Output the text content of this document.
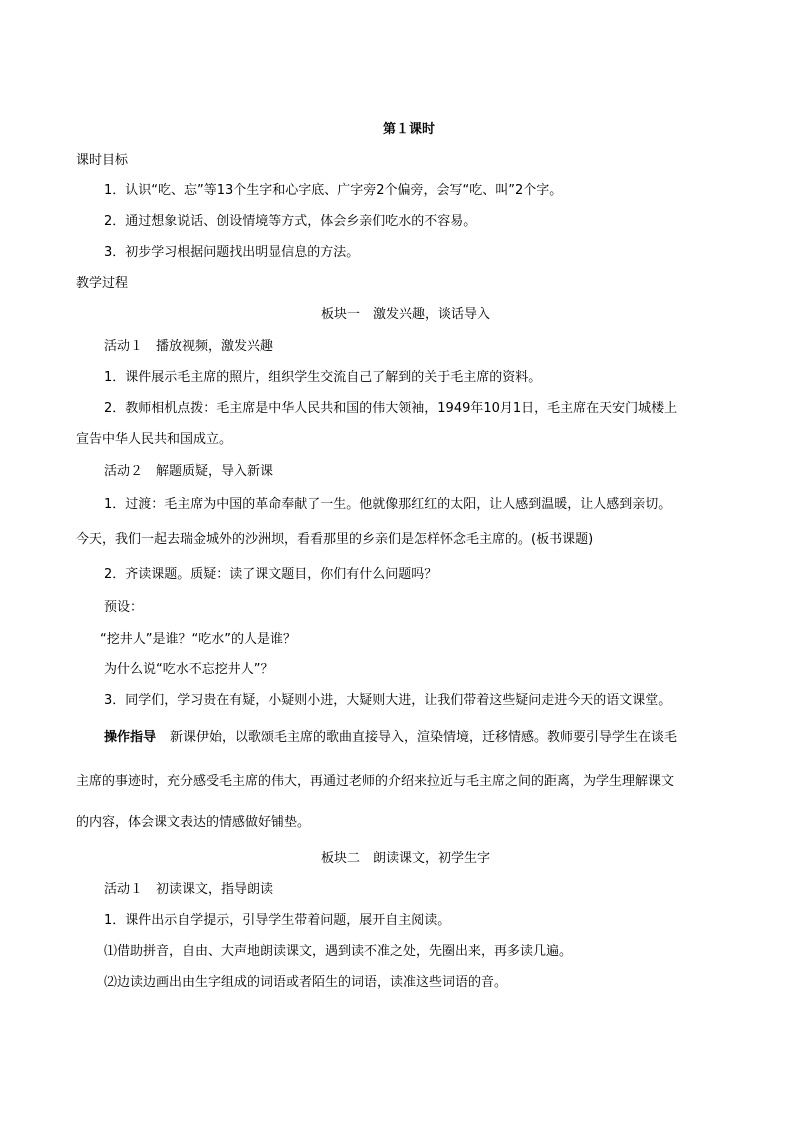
第１课时
课时目标
1．认识“吃、忘”等13个生字和心字底、广字旁2个偏旁，会写“吃、叫”2个字。
2．通过想象说话、创设情境等方式，体会乡亲们吃水的不容易。
3．初步学习根据问题找出明显信息的方法。
教学过程
板块一　激发兴趣，谈话导入
活动１　播放视频，激发兴趣
1．课件展示毛主席的照片，组织学生交流自己了解到的关于毛主席的资料。
2．教师相机点拨：毛主席是中华人民共和国的伟大领袖，1949年10月1日，毛主席在天安门城楼上
宣告中华人民共和国成立。
活动２　解题质疑，导入新课
1．过渡：毛主席为中国的革命奉献了一生。他就像那红红的太阳，让人感到温暖，让人感到亲切。
今天，我们一起去瑞金城外的沙洲坝，看看那里的乡亲们是怎样怀念毛主席的。(板书课题)
2．齐读课题。质疑：读了课文题目，你们有什么问题吗？
预设：
“挖井人”是谁？“吃水”的人是谁？
为什么说“吃水不忘挖井人”？
3．同学们，学习贵在有疑，小疑则小进，大疑则大进，让我们带着这些疑问走进今天的语文课堂。
操作指导 新课伊始，以歌颂毛主席的歌曲直接导入，渲染情境，迁移情感。教师要引导学生在谈毛
主席的事迹时，充分感受毛主席的伟大，再通过老师的介绍来拉近与毛主席之间的距离，为学生理解课文
的内容，体会课文表达的情感做好铺垫。
板块二　朗读课文，初学生字
活动１　初读课文，指导朗读
1．课件出示自学提示，引导学生带着问题，展开自主阅读。
⑴借助拼音，自由、大声地朗读课文，遇到读不准之处，先圈出来，再多读几遍。
⑵边读边画出由生字组成的词语或者陌生的词语，读准这些词语的音。
